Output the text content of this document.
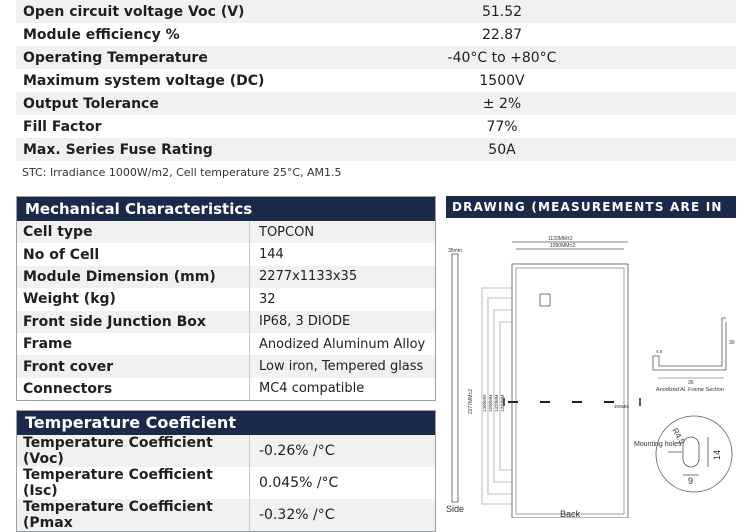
Open circuit voltage Voc (V)	51.52
Module efficiency %	22.87
Operating Temperature	-40°C to +80°C
Maximum system voltage (DC)	1500V
Output Tolerance	± 2%
Fill Factor	77%
Max. Series Fuse Rating	50A
STC: Irradiance 1000W/m2, Cell temperature 25°C, AM1.5
Mechanical Characteristics
Cell type	TOPCON
No of Cell	144
Module Dimension (mm)	2277x1133x35
Weight (kg)	32
Front side Junction Box	IP68, 3 DIODE
Frame	Anodized Aluminum Alloy
Front cover	Low iron, Tempered glass
Connectors	MC4 compatible
Temperature Coeficient
Temperature Coefficient (Voc)	-0.26% /°C
Temperature Coefficient (Isc)	0.045% /°C
Temperature Coefficient (Pmax	-0.32% /°C
DRAWING (MEASUREMENTS ARE IN MM)
35mm
1133MM±2
1090MM±2
2277MM±2 1400MM 1600MM 1420MM 1320MM	300MM
4.5
35
30
Anodized Al. Frame Section
R4.5
14
9
Mounting holes
Side	Back
